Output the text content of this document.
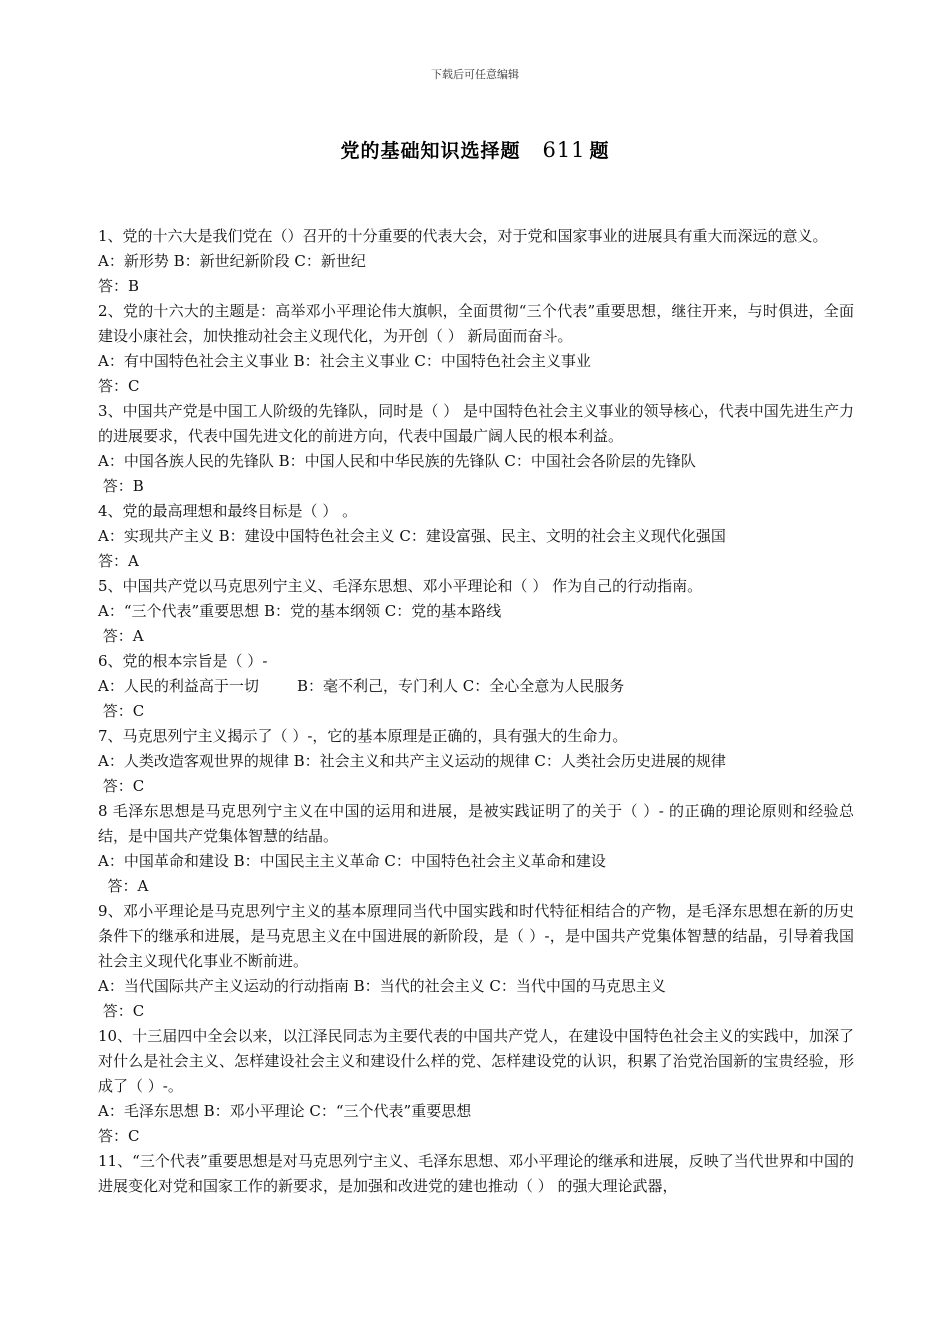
下载后可任意编辑
党的基础知识选择题 611 题
1、党的十六大是我们党在（）召开的十分重要的代表大会，对于党和国家事业的进展具有重大而深远的意义。
A：新形势 B：新世纪新阶段 C：新世纪
答：B
2、党的十六大的主题是：高举邓小平理论伟大旗帜，全面贯彻“三个代表”重要思想，继往开来，与时俱进，全面建设小康社会，加快推动社会主义现代化，为开创（ ） 新局面而奋斗。
A：有中国特色社会主义事业 B：社会主义事业 C：中国特色社会主义事业
答：C
3、中国共产党是中国工人阶级的先锋队，同时是（ ） 是中国特色社会主义事业的领导核心，代表中国先进生产力的进展要求，代表中国先进文化的前进方向，代表中国最广阔人民的根本利益。
A：中国各族人民的先锋队 B：中国人民和中华民族的先锋队 C：中国社会各阶层的先锋队
答：B
4、党的最高理想和最终目标是（ ） 。
A：实现共产主义 B：建设中国特色社会主义 C：建设富强、民主、文明的社会主义现代化强国
答：A
5、中国共产党以马克思列宁主义、毛泽东思想、邓小平理论和（ ） 作为自己的行动指南。
A：“三个代表”重要思想 B：党的基本纲领 C：党的基本路线
答：A
6、党的根本宗旨是（ ）-
A：人民的利益高于一切        B：毫不利己，专门利人 C：全心全意为人民服务
答：C
7、马克思列宁主义揭示了（ ）-，它的基本原理是正确的，具有强大的生命力。
A：人类改造客观世界的规律 B：社会主义和共产主义运动的规律 C：人类社会历史进展的规律
答：C
8 毛泽东思想是马克思列宁主义在中国的运用和进展，是被实践证明了的关于（ ）- 的正确的理论原则和经验总结，是中国共产党集体智慧的结晶。
A：中国革命和建设 B：中国民主主义革命 C：中国特色社会主义革命和建设
答：A
9、邓小平理论是马克思列宁主义的基本原理同当代中国实践和时代特征相结合的产物，是毛泽东思想在新的历史条件下的继承和进展，是马克思主义在中国进展的新阶段，是（ ）-，是中国共产党集体智慧的结晶，引导着我国社会主义现代化事业不断前进。
A：当代国际共产主义运动的行动指南 B：当代的社会主义 C：当代中国的马克思主义
答：C
10、十三届四中全会以来，以江泽民同志为主要代表的中国共产党人，在建设中国特色社会主义的实践中，加深了对什么是社会主义、怎样建设社会主义和建设什么样的党、怎样建设党的认识，积累了治党治国新的宝贵经验，形成了（ ）-。
A：毛泽东思想 B：邓小平理论 C：“三个代表”重要思想
答：C
11、“三个代表”重要思想是对马克思列宁主义、毛泽东思想、邓小平理论的继承和进展，反映了当代世界和中国的进展变化对党和国家工作的新要求，是加强和改进党的建也推动（ ） 的强大理论武器，
